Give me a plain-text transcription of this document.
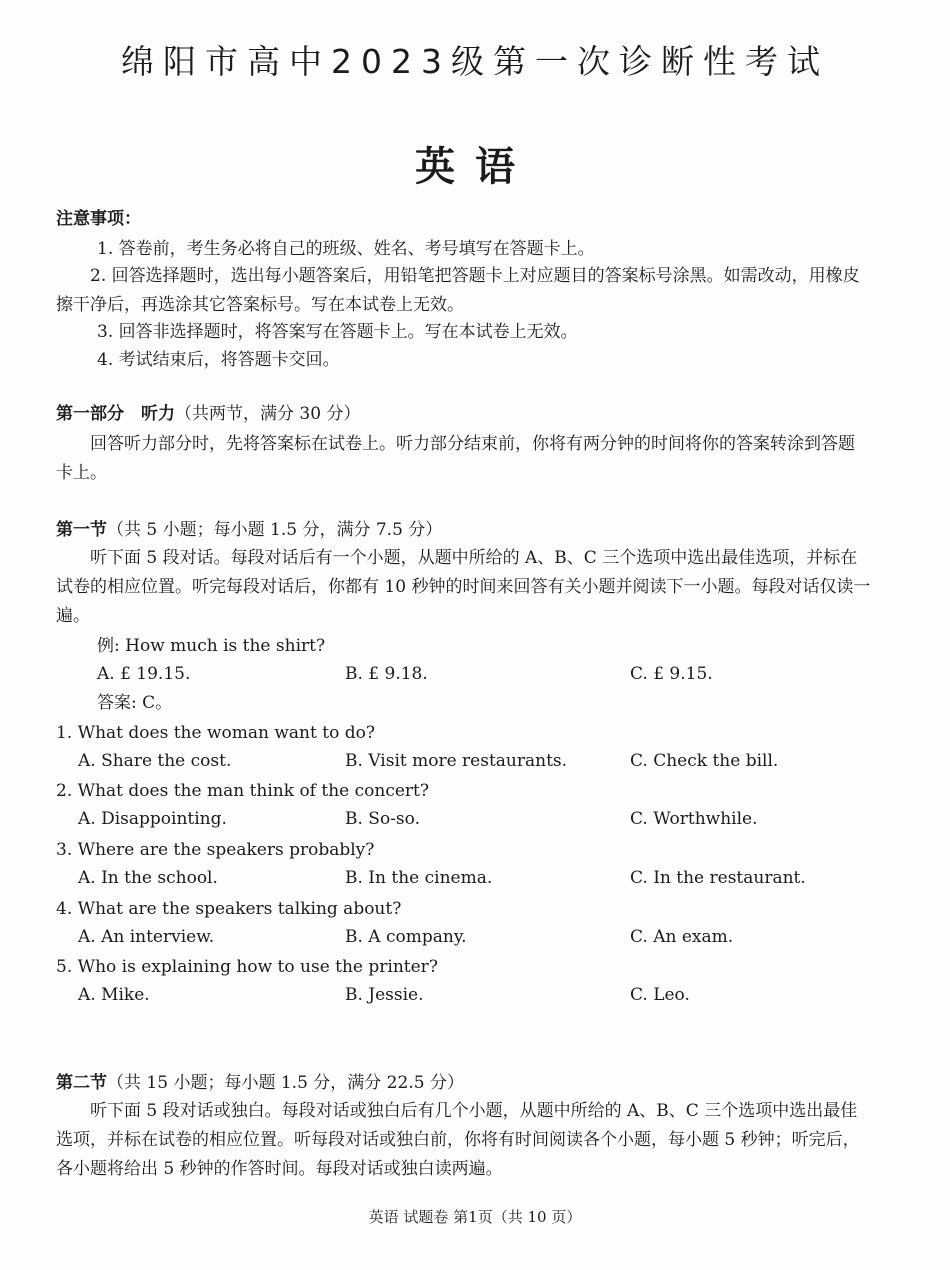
绵阳市高中2023级第一次诊断性考试
英语
注意事项：
1. 答卷前，考生务必将自己的班级、姓名、考号填写在答题卡上。
2. 回答选择题时，选出每小题答案后，用铅笔把答题卡上对应题目的答案标号涂黑。如需改动，用橡皮擦干净后，再选涂其它答案标号。写在本试卷上无效。
3. 回答非选择题时，将答案写在答题卡上。写在本试卷上无效。
4. 考试结束后，将答题卡交回。
第一部分　听力（共两节，满分 30 分）
回答听力部分时，先将答案标在试卷上。听力部分结束前，你将有两分钟的时间将你的答案转涂到答题卡上。
第一节（共 5 小题；每小题 1.5 分，满分 7.5 分）
听下面 5 段对话。每段对话后有一个小题，从题中所给的 A、B、C 三个选项中选出最佳选项，并标在试卷的相应位置。听完每段对话后，你都有 10 秒钟的时间来回答有关小题并阅读下一小题。每段对话仅读一遍。
例: How much is the shirt?
A. £ 19.15.	B. £ 9.18.	C. £ 9.15.
答案: C。
1. What does the woman want to do?
A. Share the cost.	B. Visit more restaurants.	C. Check the bill.
2. What does the man think of the concert?
A. Disappointing.	B. So-so.	C. Worthwhile.
3. Where are the speakers probably?
A. In the school.	B. In the cinema.	C. In the restaurant.
4. What are the speakers talking about?
A. An interview.	B. A company.	C. An exam.
5. Who is explaining how to use the printer?
A. Mike.	B. Jessie.	C. Leo.
第二节（共 15 小题；每小题 1.5 分，满分 22.5 分）
听下面 5 段对话或独白。每段对话或独白后有几个小题，从题中所给的 A、B、C 三个选项中选出最佳选项，并标在试卷的相应位置。听每段对话或独白前，你将有时间阅读各个小题，每小题 5 秒钟；听完后，各小题将给出 5 秒钟的作答时间。每段对话或独白读两遍。
英语 试题卷 第1页（共 10 页）
